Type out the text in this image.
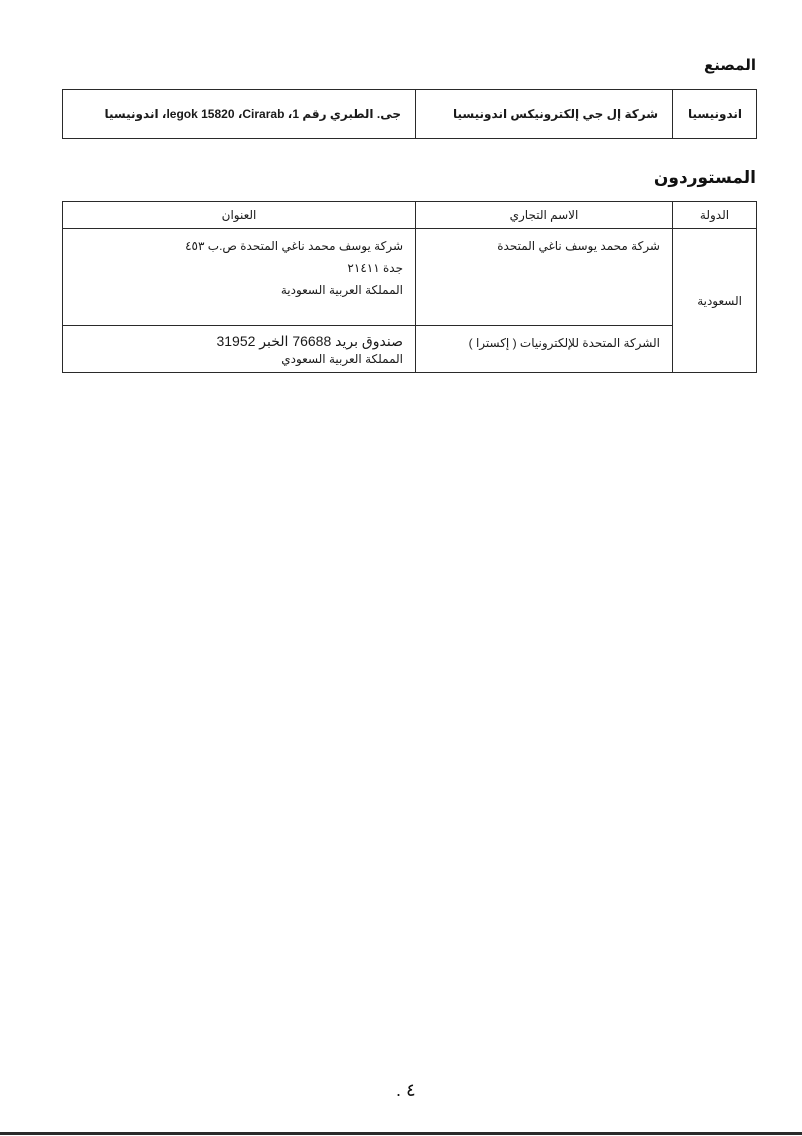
المصنع
اندونيسيا	شركة إل جي إلكترونيكس اندونيسيا	جى. الطبري رقم 1، legok 15820 ،Cirarab، اندونيسيا
المستوردون
الدولة	الاسم التجاري	العنوان
السعودية	شركة محمد يوسف ناغي المتحدة	شركة يوسف محمد ناغي المتحدة ص.ب ٤٥٣
جدة ٢١٤١١
المملكة العربية السعودية

	الشركة المتحدة للإلكترونيات ( إكسترا )	صندوق بريد 76688 الخبر 31952
المملكة العربية السعودي
٤ .
